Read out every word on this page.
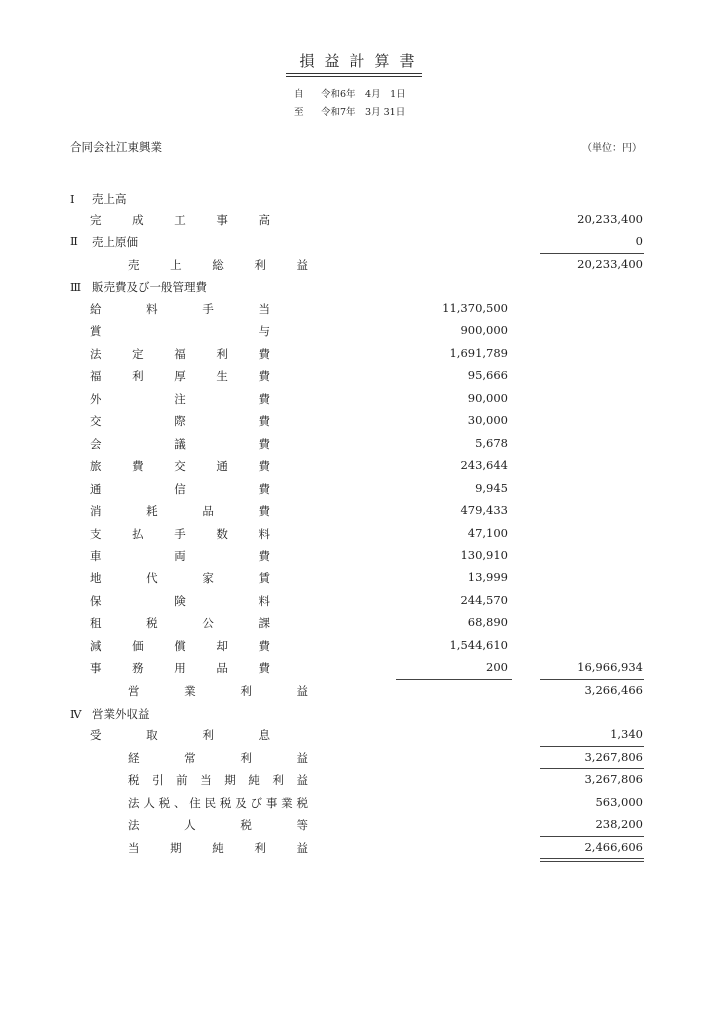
損益計算書
自 令和6年　4月　1日
至 令和7年　3月 31日
合同会社江東興業	（単位：円）
Ⅰ 売上高
完	成	工	事	高	20,233,400
Ⅱ	売上原価	0
売	上	総	利	益	20,233,400
Ⅲ 販売費及び一般管理費
給	料	手	当	11,370,500
賞	与	900,000
法	定	福	利	費	1,691,789
福	利	厚	生	費	95,666
外	注	費	90,000
交	際	費	30,000
会	議	費	5,678
旅	費	交	通	費	243,644
通	信	費	9,945
消	耗	品	費	479,433
支	払	手	数	料	47,100
車	両	費	130,910
地	代	家	賃	13,999
保	険	料	244,570
租	税	公	課	68,890
減	価	償	却	費	1,544,610
事	務	用	品	費	200	16,966,934
営	業	利	益	3,266,466
Ⅳ 営業外収益
受	取	利	息	1,340
経	常	利	益	3,267,806
税 引 前 当 期 純 利 益	3,267,806
法 人 税 、 住 民 税 及 び 事 業 税	563,000
法	人	税	等	238,200
当	期	純	利	益	2,466,606
